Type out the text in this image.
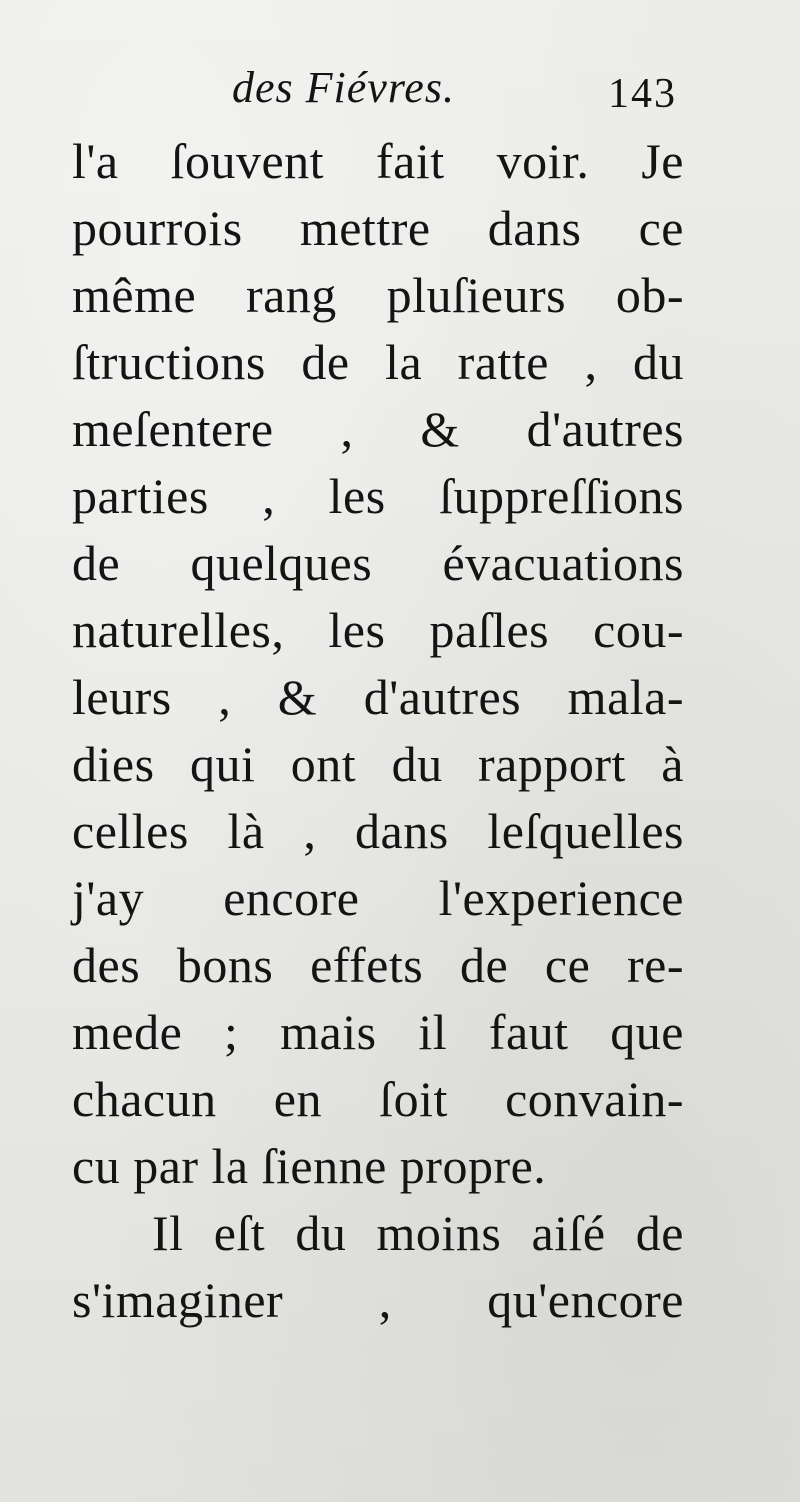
des Fiévres.	143
l'a ſouvent fait voir. Je
pourrois mettre dans ce
même rang pluſieurs ob-
ſtructions de la ratte , du
meſentere , & d'autres
parties , les ſuppreſſions
de quelques évacuations
naturelles, les paſles cou-
leurs , & d'autres mala-
dies qui ont du rapport à
celles là , dans leſquelles
j'ay encore l'experience
des bons effets de ce re-
mede ; mais il faut que
chacun en ſoit convain-
cu par la ſienne propre.
Il eſt du moins aiſé de
s'imaginer , qu'encore
